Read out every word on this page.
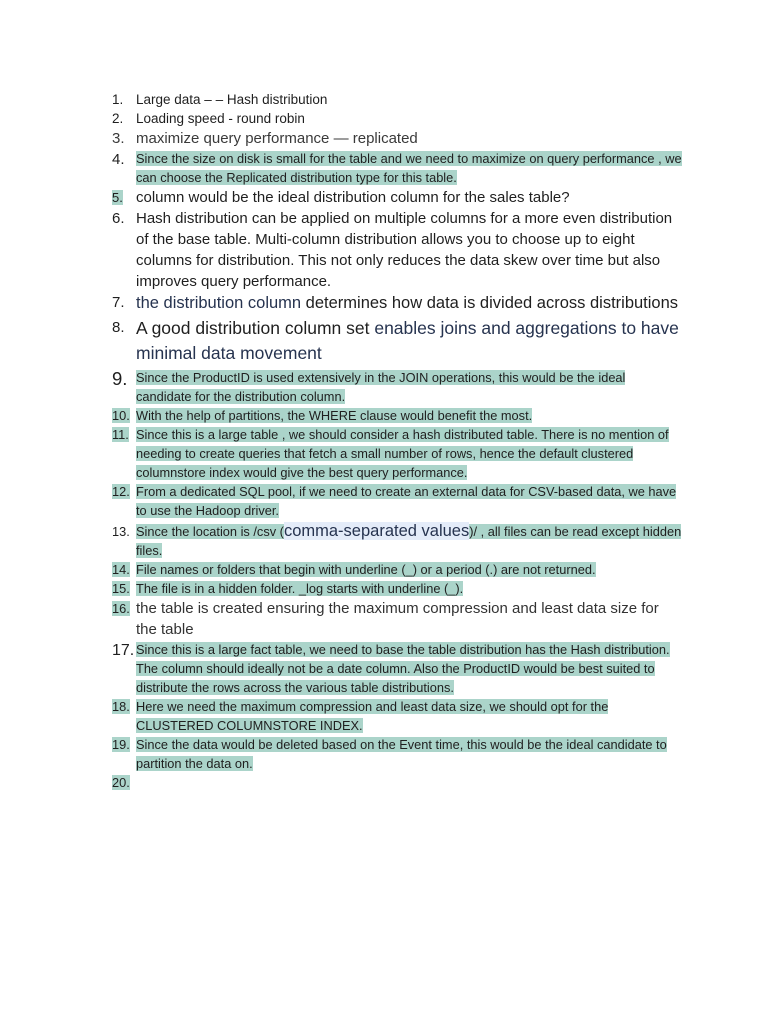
1. Large data – – Hash distribution
2. Loading speed - round robin
3. maximize query performance — replicated
4. Since the size on disk is small for the table and we need to maximize on query performance , we can choose the Replicated distribution type for this table.
5. column would be the ideal distribution column for the sales table?
6. Hash distribution can be applied on multiple columns for a more even distribution of the base table. Multi-column distribution allows you to choose up to eight columns for distribution. This not only reduces the data skew over time but also improves query performance.
7. the distribution column determines how data is divided across distributions
8. A good distribution column set enables joins and aggregations to have minimal data movement
9. Since the ProductID is used extensively in the JOIN operations, this would be the ideal candidate for the distribution column.
10. With the help of partitions, the WHERE clause would benefit the most.
11. Since this is a large table , we should consider a hash distributed table. There is no mention of needing to create queries that fetch a small number of rows, hence the default clustered columnstore index would give the best query performance.
12. From a dedicated SQL pool, if we need to create an external data for CSV-based data, we have to use the Hadoop driver.
13. Since the location is /csv (comma-separated values)/ , all files can be read except hidden files.
14. File names or folders that begin with underline (_) or a period (.) are not returned.
15. The file is in a hidden folder. _log starts with underline (_).
16. the table is created ensuring the maximum compression and least data size for the table
17. Since this is a large fact table, we need to base the table distribution has the Hash distribution. The column should ideally not be a date column. Also the ProductID would be best suited to distribute the rows across the various table distributions.
18. Here we need the maximum compression and least data size, we should opt for the CLUSTERED COLUMNSTORE INDEX.
19. Since the data would be deleted based on the Event time, this would be the ideal candidate to partition the data on.
20.
